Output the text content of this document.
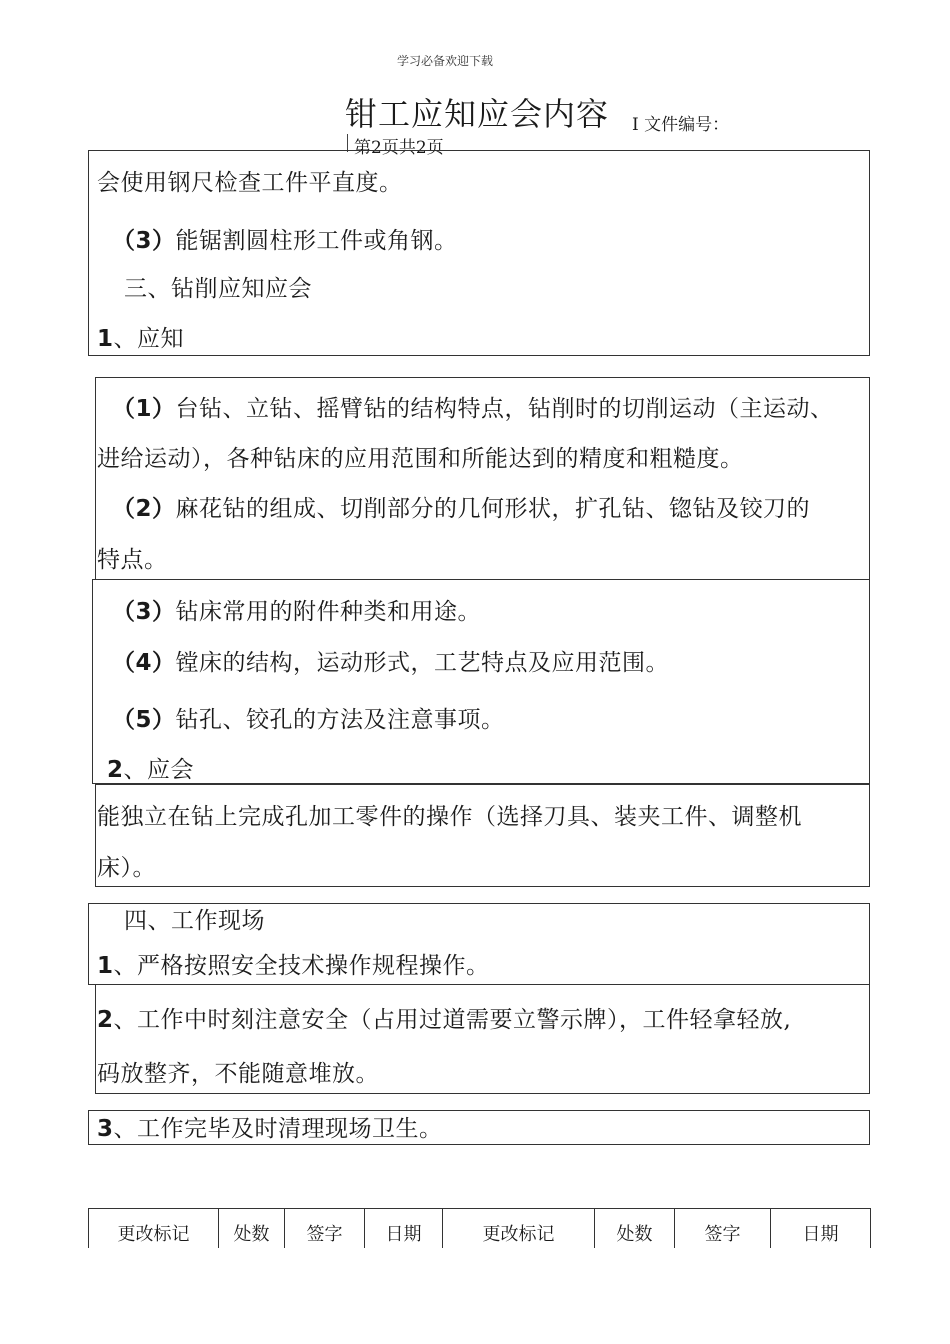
学习必备欢迎下载
钳工应知应会内容 I 文件编号：
第2页共2页
会使用钢尺检查工件平直度。
（3）能锯割圆柱形工件或角钢。
三、钻削应知应会
1、应知
（1）台钻、立钻、摇臂钻的结构特点，钻削时的切削运动（主运动、
进给运动），各种钻床的应用范围和所能达到的精度和粗糙度。
（2）麻花钻的组成、切削部分的几何形状，扩孔钻、锪钻及铰刀的
特点。
（3）钻床常用的附件种类和用途。
（4）镗床的结构，运动形式，工艺特点及应用范围。
（5）钻孔、铰孔的方法及注意事项。
2、应会
能独立在钻上完成孔加工零件的操作（选择刀具、装夹工件、调整机
床）。
四、工作现场
1、严格按照安全技术操作规程操作。
2、工作中时刻注意安全（占用过道需要立警示牌），工件轻拿轻放,
码放整齐，不能随意堆放。
3、工作完毕及时清理现场卫生。
更改标记	处数	签字	日期	更改标记	处数	签字	日期
